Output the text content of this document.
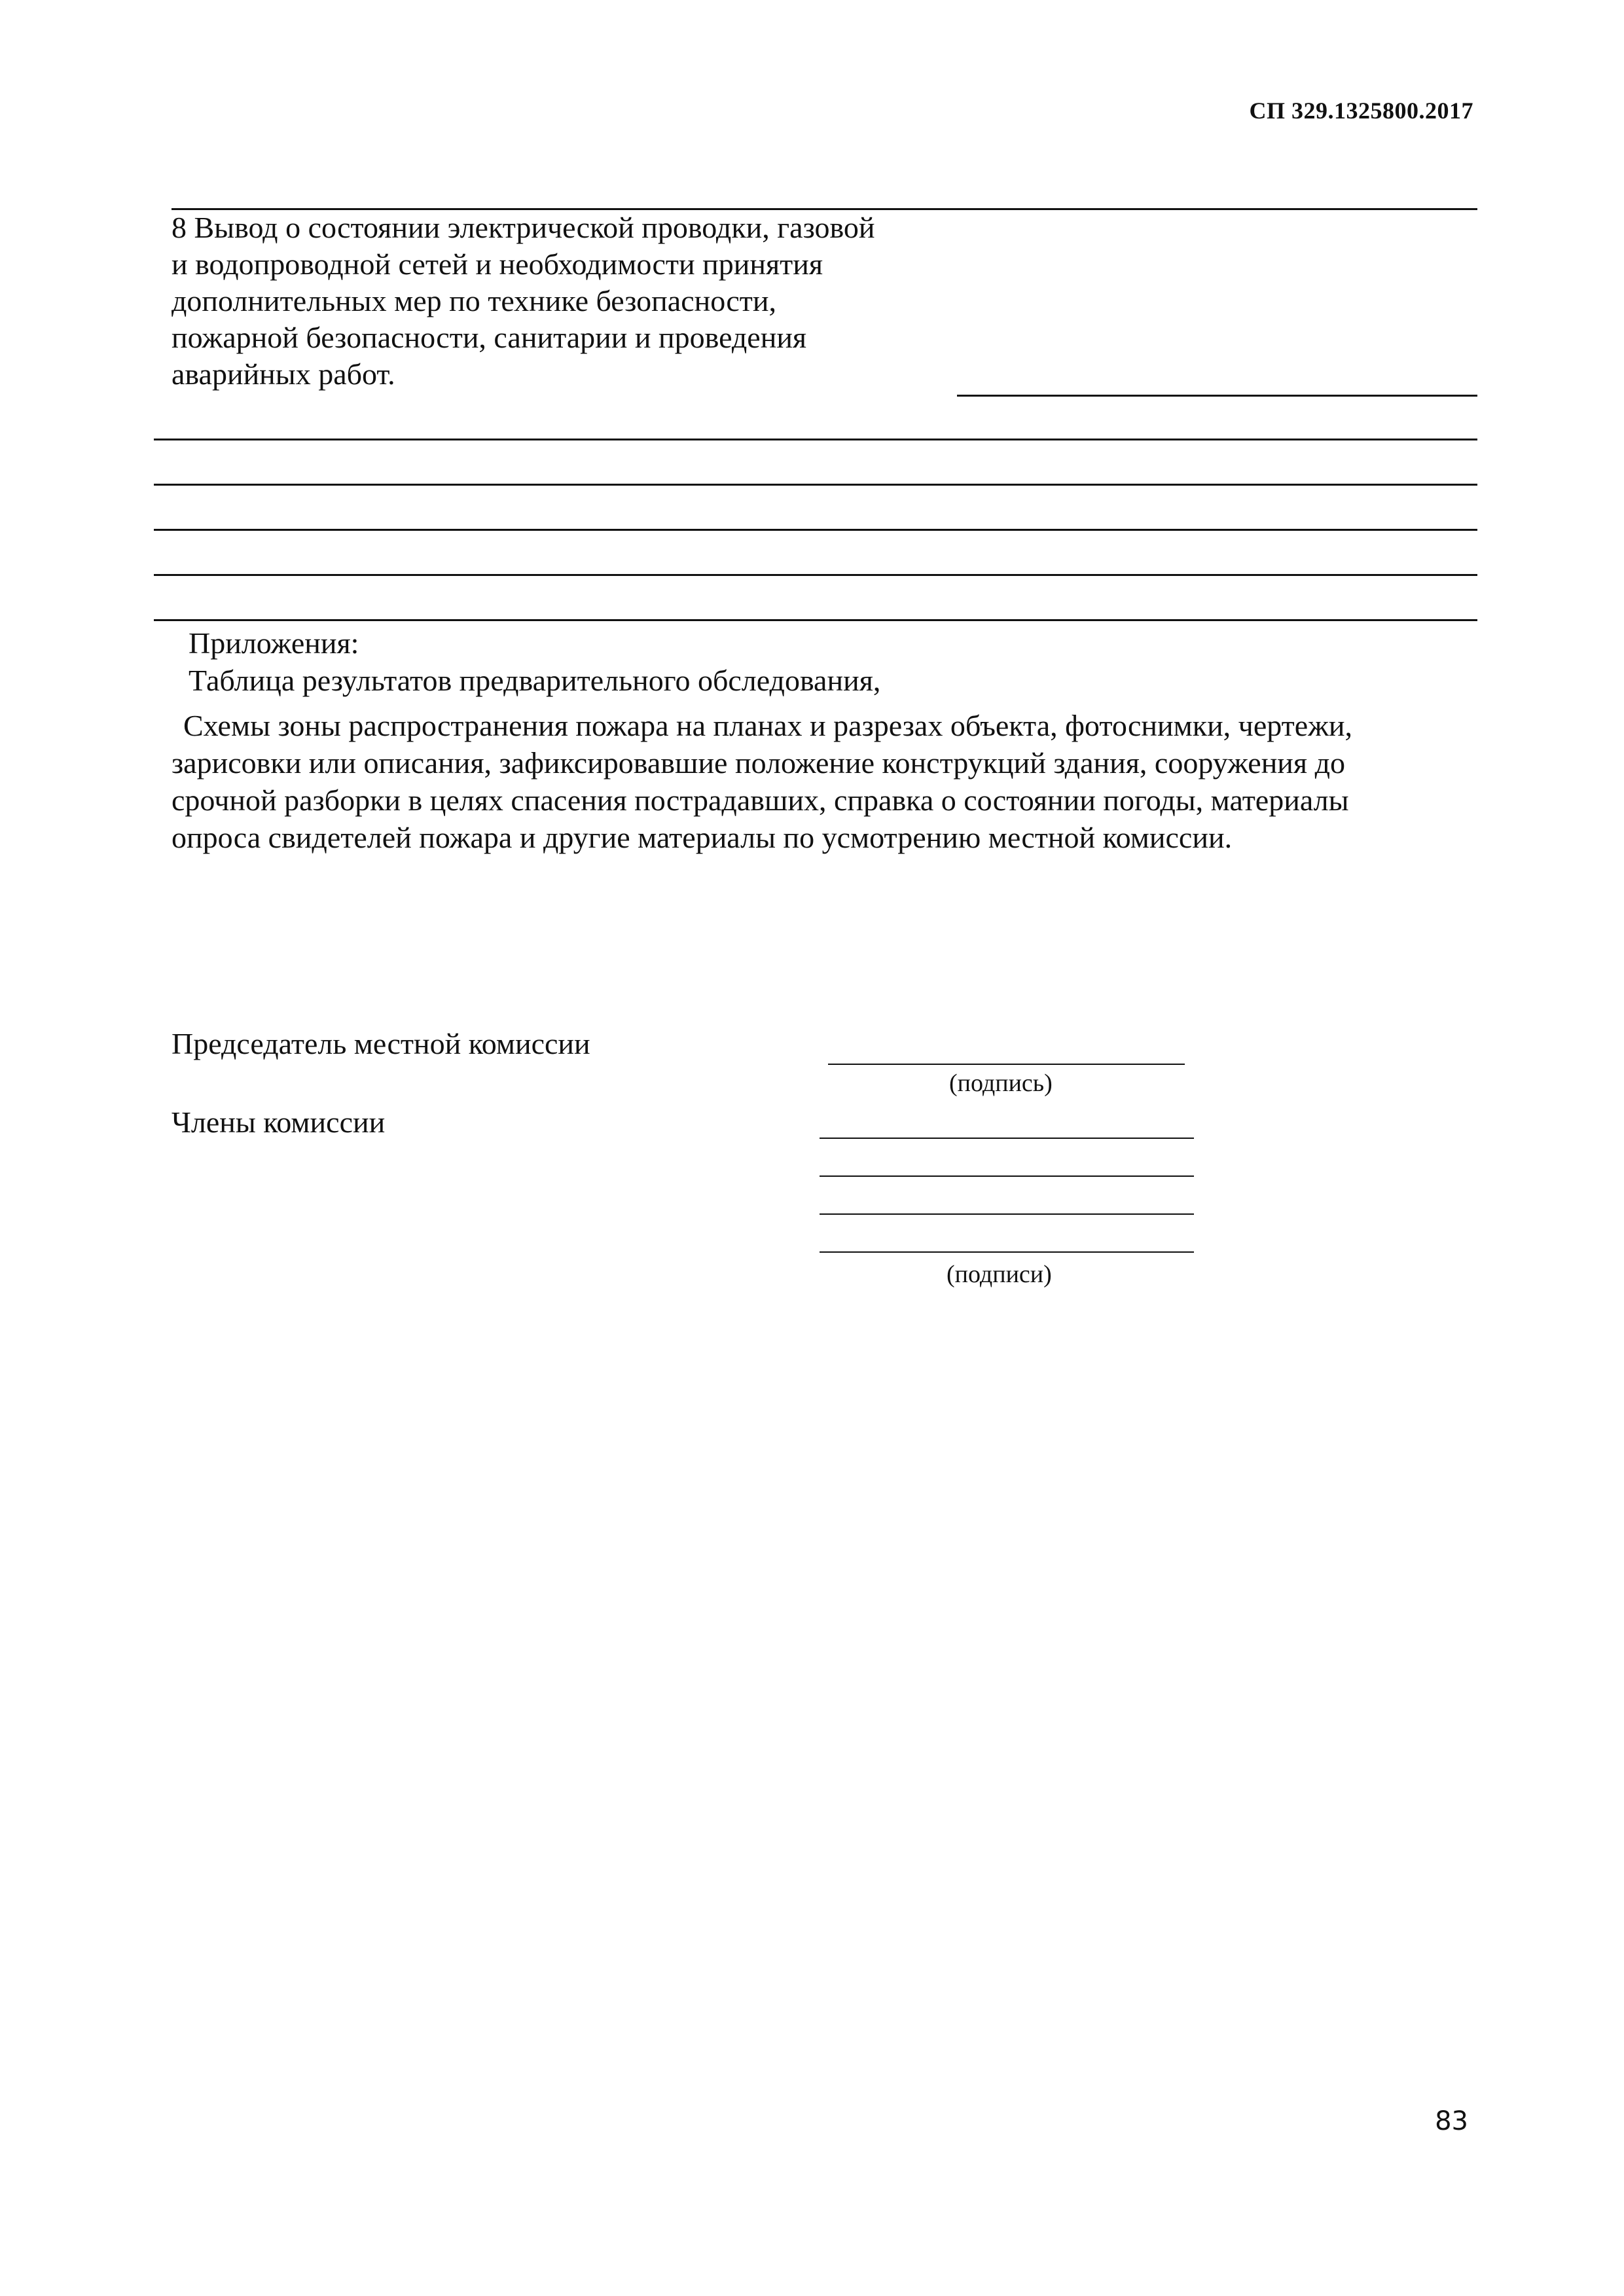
СП 329.1325800.2017
8 Вывод о состоянии электрической проводки, газовой
и водопроводной сетей и необходимости принятия
дополнительных мер по технике безопасности,
пожарной безопасности, санитарии и проведения
аварийных работ.
Приложения:
Таблица результатов предварительного обследования,
Схемы зоны распространения пожара на планах и разрезах объекта, фотоснимки, чертежи,
зарисовки или описания, зафиксировавшие положение конструкций здания, сооружения до
срочной разборки в целях спасения пострадавших, справка о состоянии погоды, материалы
опроса свидетелей пожара и другие материалы по усмотрению местной комиссии.
Председатель местной комиссии
(подпись)
Члены комиссии
(подписи)
83
